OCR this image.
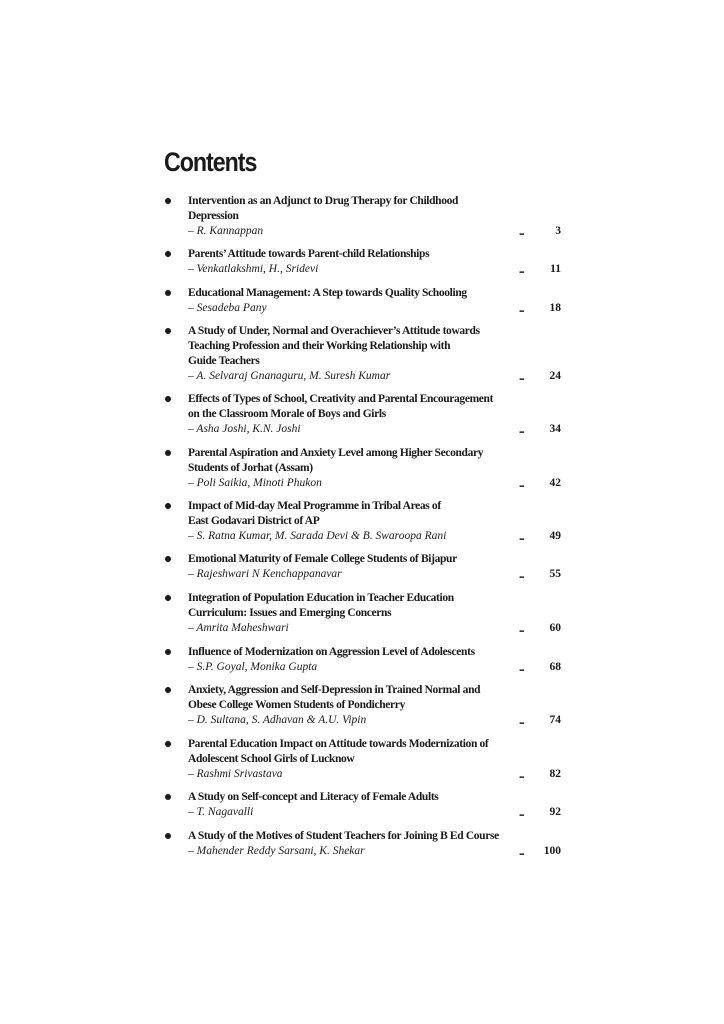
Contents
Intervention as an Adjunct to Drug Therapy for Childhood
Depression
– R. Kannappan	...	3
Parents’ Attitude towards Parent-child Relationships
– Venkatlakshmi, H., Sridevi	... 11
Educational Management: A Step towards Quality Schooling
– Sesadeba Pany	... 18
A Study of Under, Normal and Overachiever’s Attitude towards
Teaching Profession and their Working Relationship with
Guide Teachers
– A. Selvaraj Gnanaguru, M. Suresh Kumar	... 24
Effects of Types of School, Creativity and Parental Encouragement
on the Classroom Morale of Boys and Girls
– Asha Joshi, K.N. Joshi	... 34
Parental Aspiration and Anxiety Level among Higher Secondary
Students of Jorhat (Assam)
– Poli Saikia, Minoti Phukon	... 42
Impact of Mid-day Meal Programme in Tribal Areas of
East Godavari District of AP
– S. Ratna Kumar, M. Sarada Devi & B. Swaroopa Rani	... 49
Emotional Maturity of Female College Students of Bijapur
– Rajeshwari N Kenchappanavar	... 55
Integration of Population Education in Teacher Education
Curriculum: Issues and Emerging Concerns
– Amrita Maheshwari	... 60
Influence of Modernization on Aggression Level of Adolescents
– S.P. Goyal, Monika Gupta	... 68
Anxiety, Aggression and Self-Depression in Trained Normal and
Obese College Women Students of Pondicherry
– D. Sultana, S. Adhavan & A.U. Vipin	... 74
Parental Education Impact on Attitude towards Modernization of
Adolescent School Girls of Lucknow
– Rashmi Srivastava	... 82
A Study on Self-concept and Literacy of Female Adults
– T. Nagavalli	... 92
A Study of the Motives of Student Teachers for Joining B Ed Course
– Mahender Reddy Sarsani, K. Shekar	... 100
